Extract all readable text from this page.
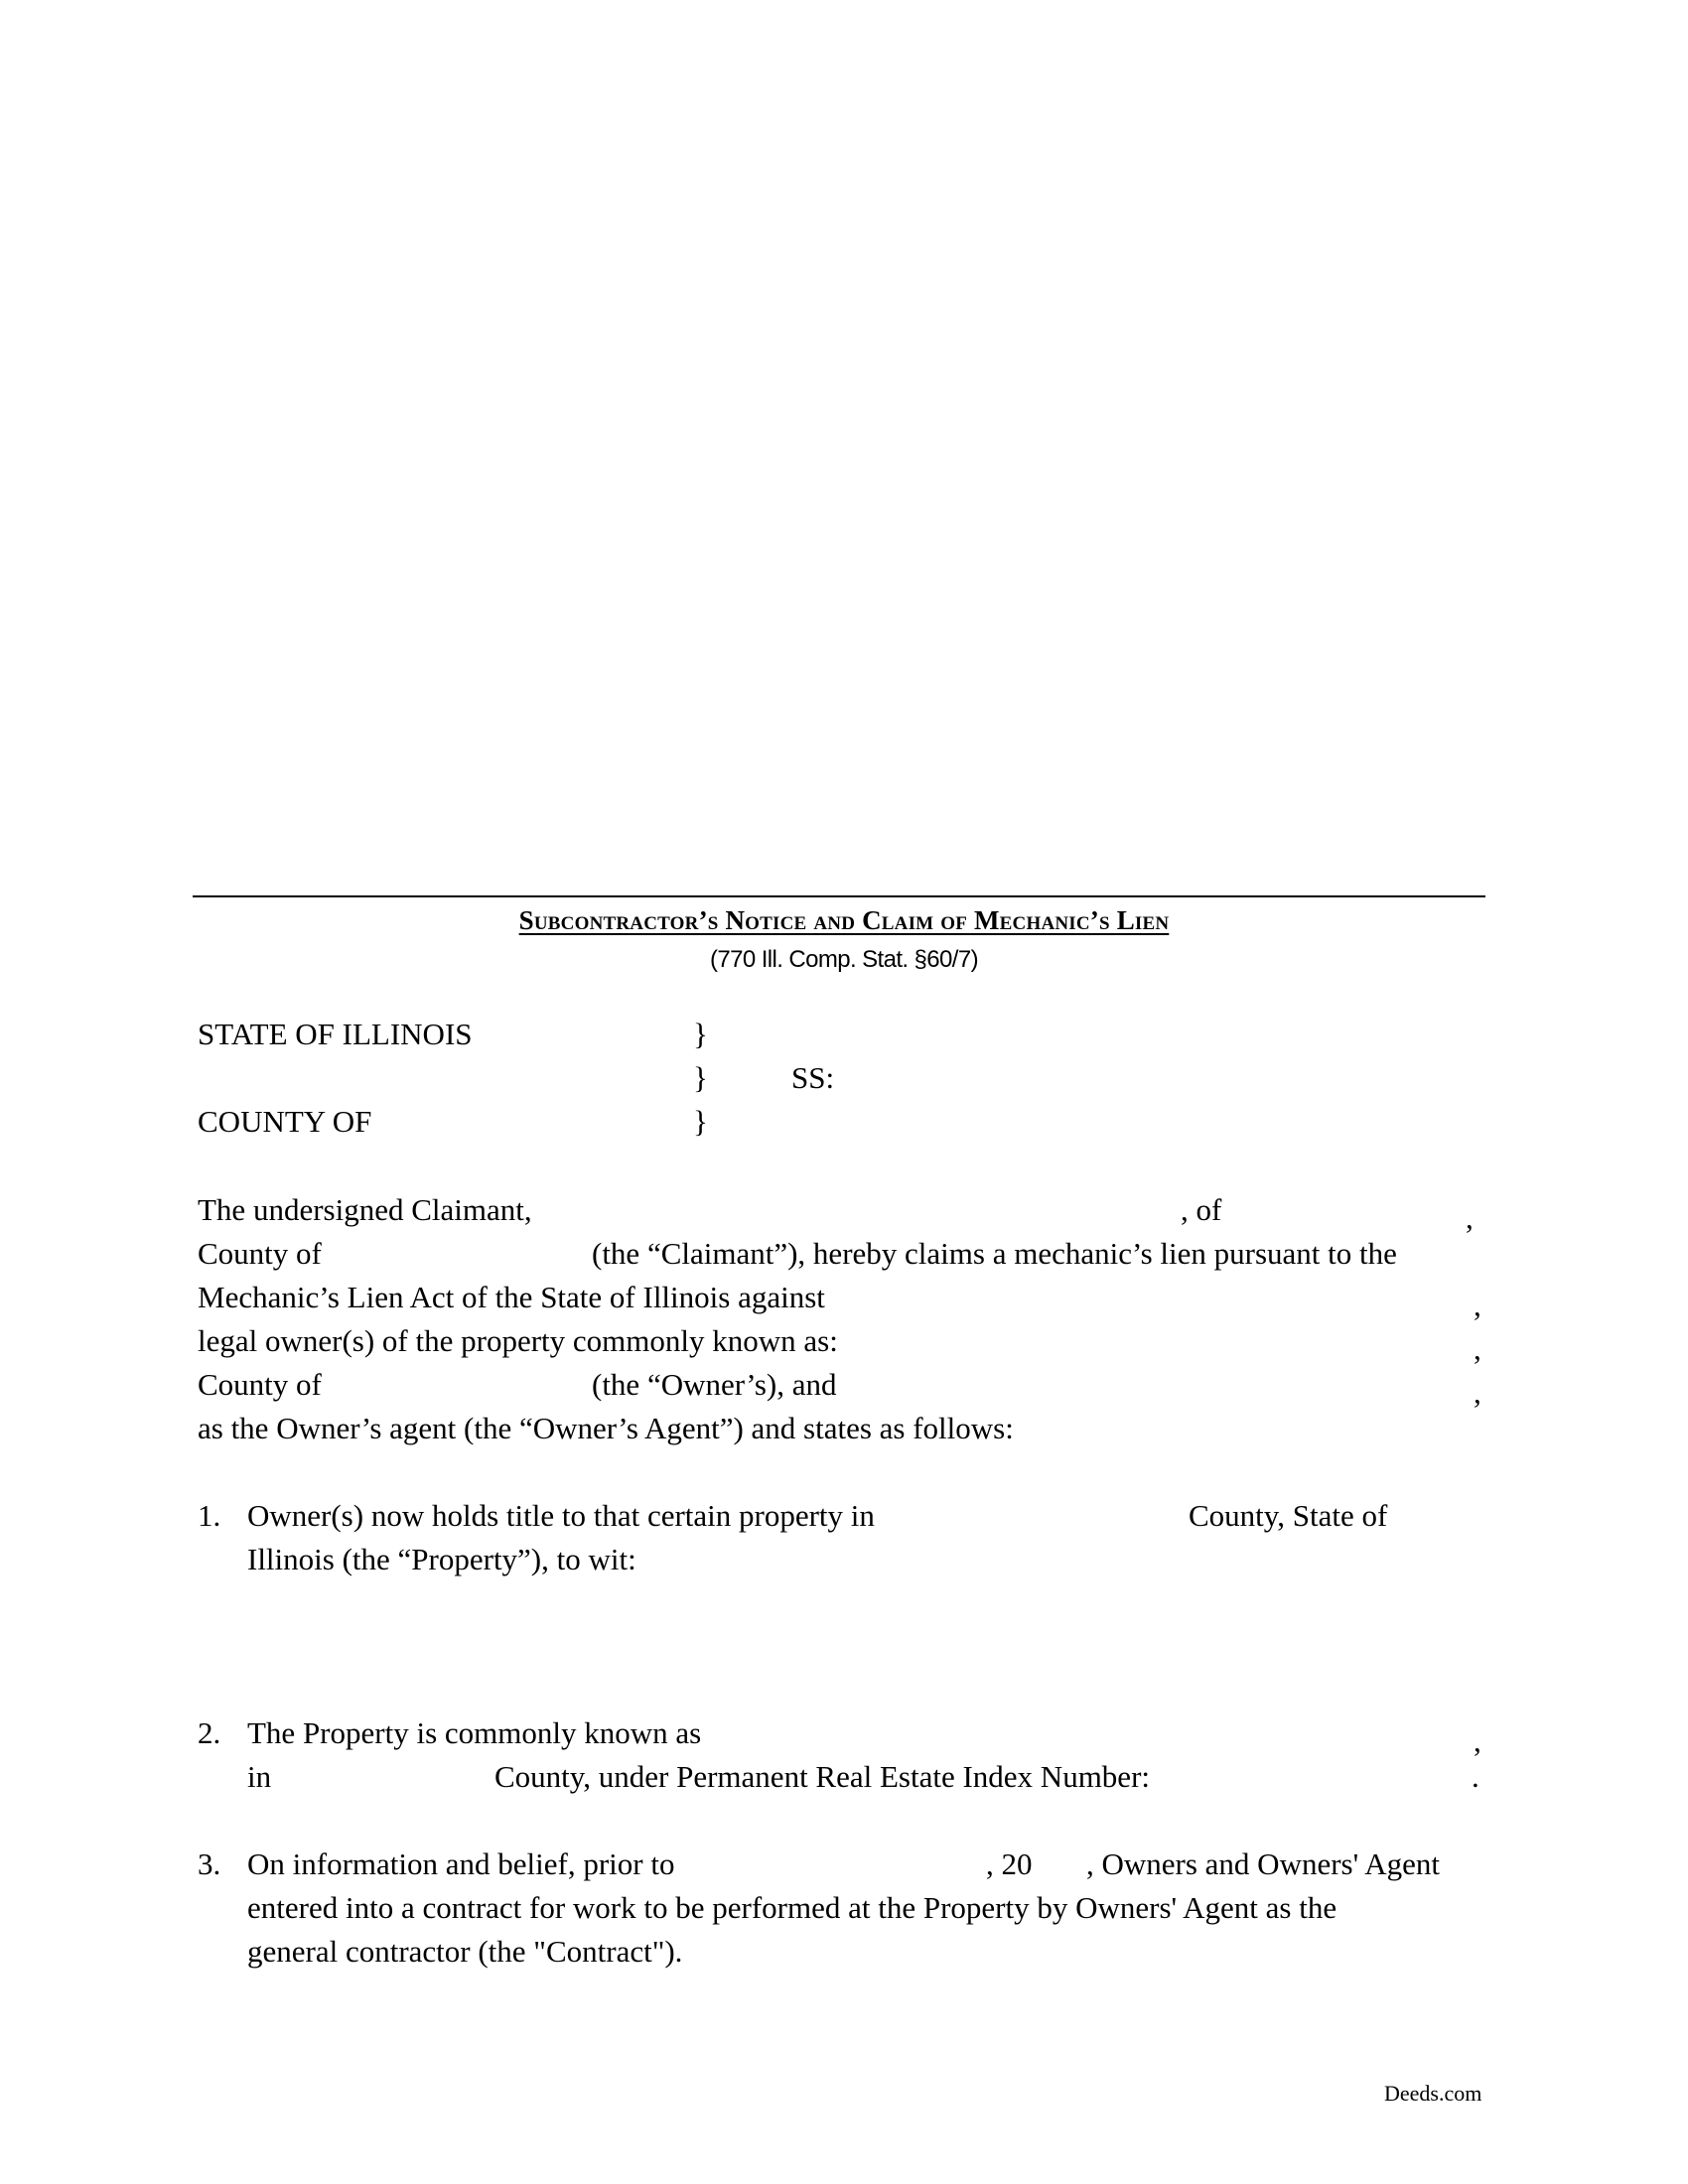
Subcontractor’s Notice and Claim of Mechanic’s Lien
(770 Ill. Comp. Stat. §60/7)
STATE OF ILLINOIS	}
}	SS:
COUNTY OF	}
The undersigned Claimant,	, of	,
County of	(the “Claimant”), hereby claims a mechanic’s lien pursuant to the
Mechanic’s Lien Act of the State of Illinois against	,
legal owner(s) of the property commonly known as:	,
County of	(the “Owner’s), and	,
as the Owner’s agent (the “Owner’s Agent”) and states as follows:
1. Owner(s) now holds title to that certain property in	County, State of
Illinois (the “Property”), to wit:
2. The Property is commonly known as	,
in	County, under Permanent Real Estate Index Number:	.
3. On information and belief, prior to	, 20 , Owners and Owners' Agent
entered into a contract for work to be performed at the Property by Owners' Agent as the
general contractor (the "Contract").
Deeds.com
